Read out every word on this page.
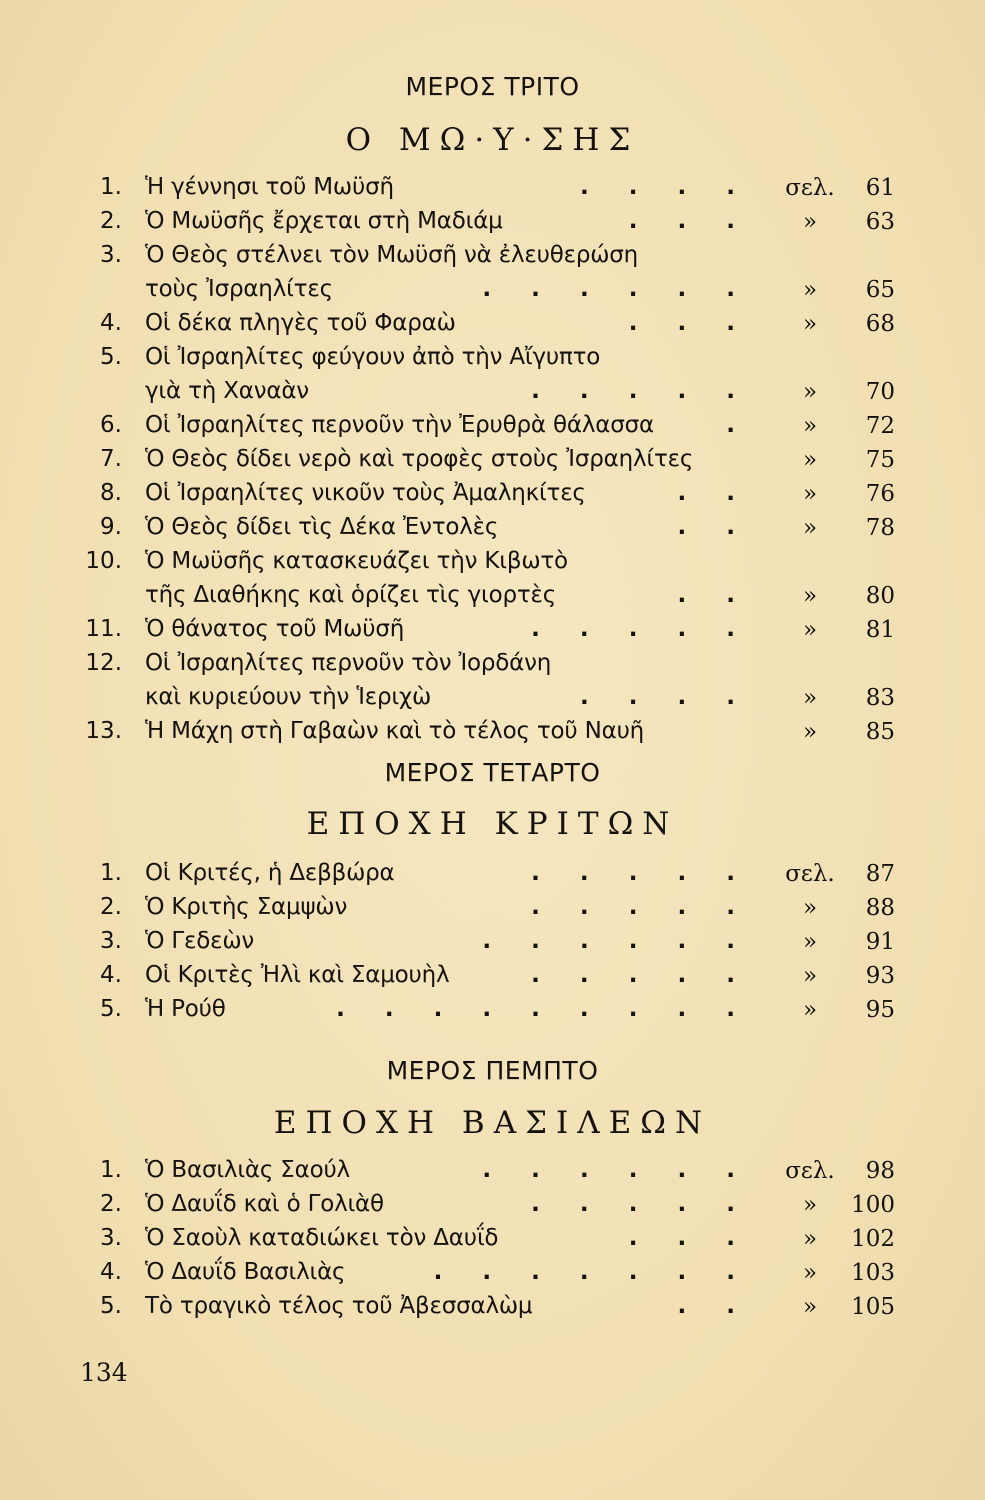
ΜΕΡΟΣ ΤΡΙΤΟ
Ο ΜΩ·Υ·ΣΗΣ
1. Ἡ γέννησι τοῦ Μωϋσῆ	.     .     .     . σελ.	61
2. Ὁ Μωϋσῆς ἔρχεται στὴ Μαδιάμ	.     .     .	»	63
3. Ὁ Θεὸς στέλνει τὸν Μωϋσῆ νὰ ἐλευθερώση
τοὺς Ἰσραηλίτες	.     .     .     .     .     .	»	65
4. Οἱ δέκα πληγὲς τοῦ Φαραὼ	.     .     .	»	68
5. Οἱ Ἰσραηλίτες φεύγουν ἀπὸ τὴν Αἴγυπτο
γιὰ τὴ Χαναὰν	.     .     .     .     .	»	70
6. Οἱ Ἰσραηλίτες περνοῦν τὴν Ἐρυθρὰ θάλασσα	.	»	72
7. Ὁ Θεὸς δίδει νερὸ καὶ τροφὲς στοὺς Ἰσραηλίτες	»	75
8. Οἱ Ἰσραηλίτες νικοῦν τοὺς Ἀμαληκίτες	.     .	»	76
9. Ὁ Θεὸς δίδει τὶς Δέκα Ἐντολὲς	.     .	»	78
10. Ὁ Μωϋσῆς κατασκευάζει τὴν Κιβωτὸ
τῆς Διαθήκης καὶ ὁρίζει τὶς γιορτὲς	.     .	»	80
11. Ὁ θάνατος τοῦ Μωϋσῆ	.     .     .     .     .	»	81
12. Οἱ Ἰσραηλίτες περνοῦν τὸν Ἰορδάνη
καὶ κυριεύουν τὴν Ἱεριχὼ	.     .     .     .	»	83
13. Ἡ Μάχη στὴ Γαβαὼν καὶ τὸ τέλος τοῦ Ναυῆ	»	85
ΜΕΡΟΣ ΤΕΤΑΡΤΟ
ΕΠΟΧΗ ΚΡΙΤΩΝ
1. Οἱ Κριτές, ἡ Δεββώρα	.     .     .     .     . σελ.	87
2. Ὁ Κριτὴς Σαμψὼν	.     .     .     .     .	»	88
3. Ὁ Γεδεὼν	.     .     .     .     .     .	»	91
4. Οἱ Κριτὲς Ἠλὶ καὶ Σαμουὴλ	.     .     .     .     .	»	93
5. Ἡ Ρούθ	.     .     .     .     .     .     .     .     .	»	95
ΜΕΡΟΣ ΠΕΜΠΤΟ
ΕΠΟΧΗ ΒΑΣΙΛΕΩΝ
1. Ὁ Βασιλιὰς Σαούλ	.     .     .     .     .     . σελ.	98
2. Ὁ Δαυΐδ καὶ ὁ Γολιὰθ	.     .     .     .     .	»	100
3. Ὁ Σαοὺλ καταδιώκει τὸν Δαυΐδ	.     .     .	»	102
4. Ὁ Δαυΐδ Βασιλιὰς	.     .     .     .     .     .     .	»	103
5. Τὸ τραγικὸ τέλος τοῦ Ἀβεσσαλὼμ	.     .	»	105
134
